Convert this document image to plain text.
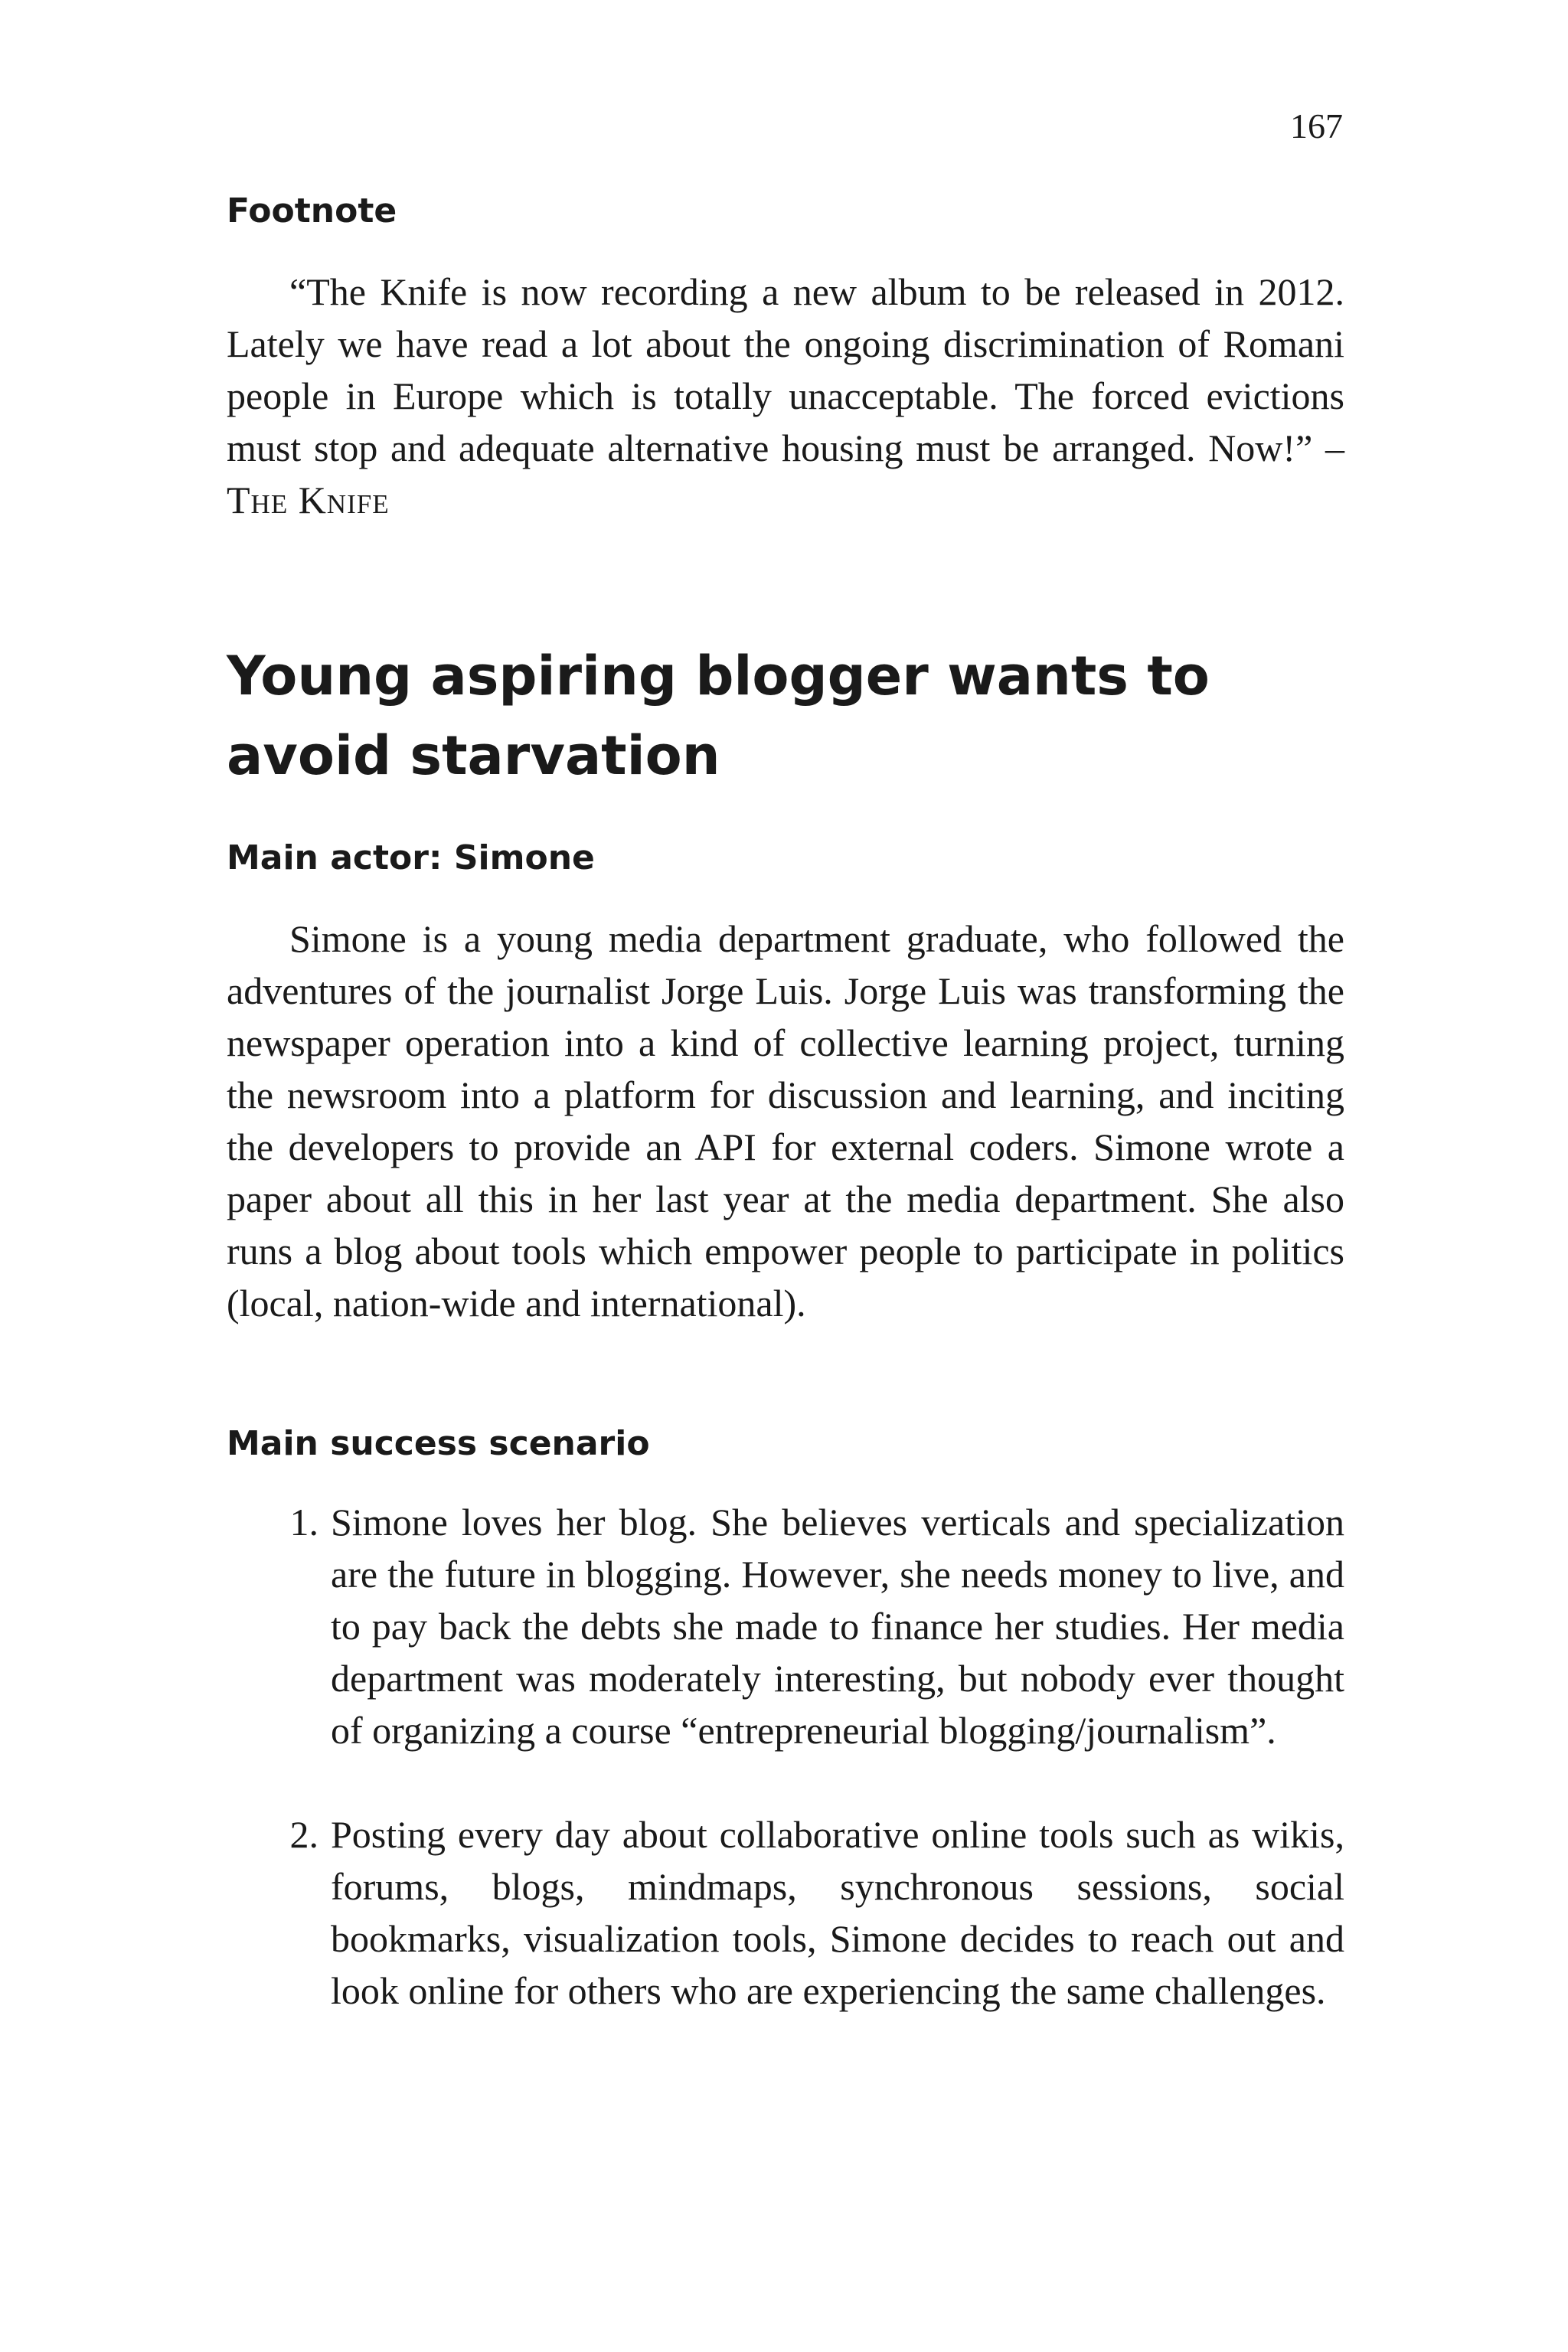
167
Footnote

“The Knife is now recording a new album to be released in 2012. Lately we have read a lot about the ongoing discrimination of Romani people in Europe which is totally unacceptable. The forced evictions must stop and adequate alternative housing must be arranged. Now!” – The Knife

Young aspiring blogger wants to avoid starvation
Main actor: Simone

Simone is a young media department graduate, who followed the adventures of the journalist Jorge Luis. Jorge Luis was transforming the newspaper operation into a kind of collective learning project, turning the newsroom into a platform for discussion and learning, and inciting the developers to provide an API for external coders. Simone wrote a paper about all this in her last year at the media department. She also runs a blog about tools which empower people to participate in politics (local, nation-wide and international).

Main success scenario
1. Simone loves her blog. She believes verticals and specialization are the future in blogging. However, she needs money to live, and to pay back the debts she made to finance her studies. Her media department was moderately interesting, but nobody ever thought of organizing a course “entrepreneurial blogging/journalism”.
2. Posting every day about collaborative online tools such as wikis, forums, blogs, mindmaps, synchronous sessions, social bookmarks, visualization tools, Simone decides to reach out and look online for others who are experiencing the same challenges.
